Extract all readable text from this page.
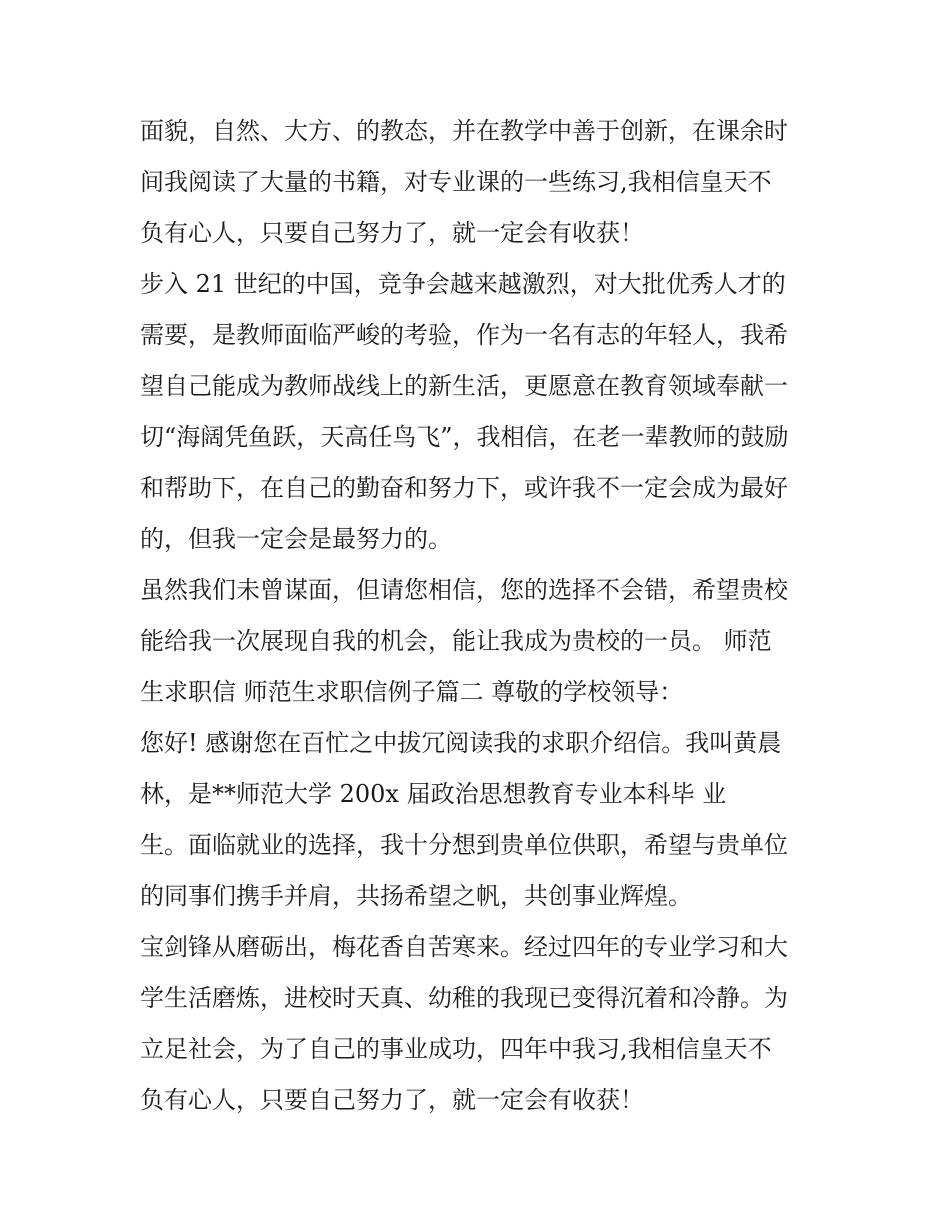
面貌，自然、大方、的教态，并在教学中善于创新，在课余时
间我阅读了大量的书籍，对专业课的一些练习,我相信皇天不
负有心人，只要自己努力了，就一定会有收获！
步入 21 世纪的中国，竞争会越来越激烈，对大批优秀人才的
需要，是教师面临严峻的考验，作为一名有志的年轻人，我希
望自己能成为教师战线上的新生活，更愿意在教育领域奉献一
切“海阔凭鱼跃，天高任鸟飞”，我相信，在老一辈教师的鼓励
和帮助下，在自己的勤奋和努力下，或许我不一定会成为最好
的，但我一定会是最努力的。
虽然我们未曾谋面，但请您相信，您的选择不会错，希望贵校
能给我一次展现自我的机会，能让我成为贵校的一员。 师范
生求职信 师范生求职信例子篇二 尊敬的学校领导：
您好! 感谢您在百忙之中拔冗阅读我的求职介绍信。我叫黄晨
林，是**师范大学 200x 届政治思想教育专业本科毕 业
生。面临就业的选择，我十分想到贵单位供职，希望与贵单位
的同事们携手并肩，共扬希望之帆，共创事业辉煌。
宝剑锋从磨砺出，梅花香自苦寒来。经过四年的专业学习和大
学生活磨炼，进校时天真、幼稚的我现已变得沉着和冷静。为
立足社会，为了自己的事业成功，四年中我习,我相信皇天不
负有心人，只要自己努力了，就一定会有收获！
